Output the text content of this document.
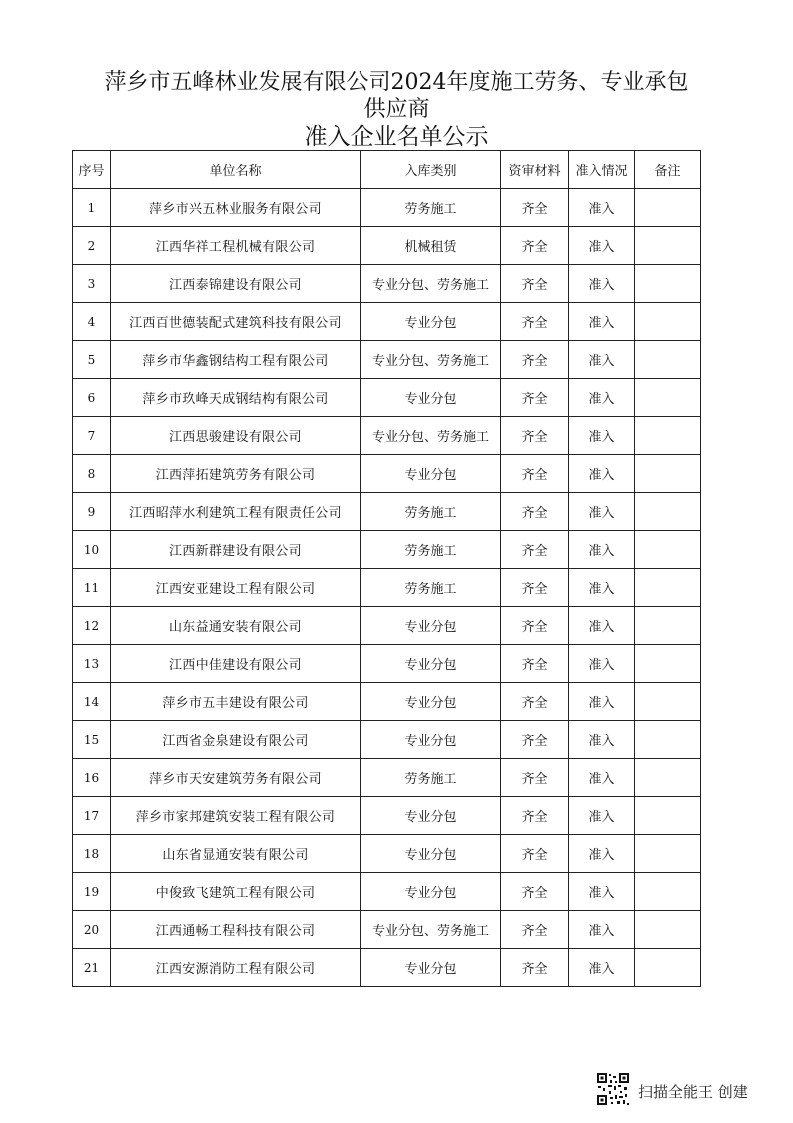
萍乡市五峰林业发展有限公司2024年度施工劳务、专业承包
供应商
准入企业名单公示
序号	单位名称	入库类别	资审材料	准入情况	备注
1	萍乡市兴五林业服务有限公司	劳务施工	齐全	准入	
2	江西华祥工程机械有限公司	机械租赁	齐全	准入	
3	江西泰锦建设有限公司	专业分包、劳务施工	齐全	准入	
4	江西百世德装配式建筑科技有限公司	专业分包	齐全	准入	
5	萍乡市华鑫钢结构工程有限公司	专业分包、劳务施工	齐全	准入	
6	萍乡市玖峰天成钢结构有限公司	专业分包	齐全	准入	
7	江西思骏建设有限公司	专业分包、劳务施工	齐全	准入	
8	江西萍拓建筑劳务有限公司	专业分包	齐全	准入	
9	江西昭萍水利建筑工程有限责任公司	劳务施工	齐全	准入	
10	江西新群建设有限公司	劳务施工	齐全	准入	
11	江西安亚建设工程有限公司	劳务施工	齐全	准入	
12	山东益通安装有限公司	专业分包	齐全	准入	
13	江西中佳建设有限公司	专业分包	齐全	准入	
14	萍乡市五丰建设有限公司	专业分包	齐全	准入	
15	江西省金泉建设有限公司	专业分包	齐全	准入	
16	萍乡市天安建筑劳务有限公司	劳务施工	齐全	准入	
17	萍乡市家邦建筑安装工程有限公司	专业分包	齐全	准入	
18	山东省显通安装有限公司	专业分包	齐全	准入	
19	中俊致飞建筑工程有限公司	专业分包	齐全	准入	
20	江西通畅工程科技有限公司	专业分包、劳务施工	齐全	准入	
21	江西安源消防工程有限公司	专业分包	齐全	准入	
扫描全能王 创建
